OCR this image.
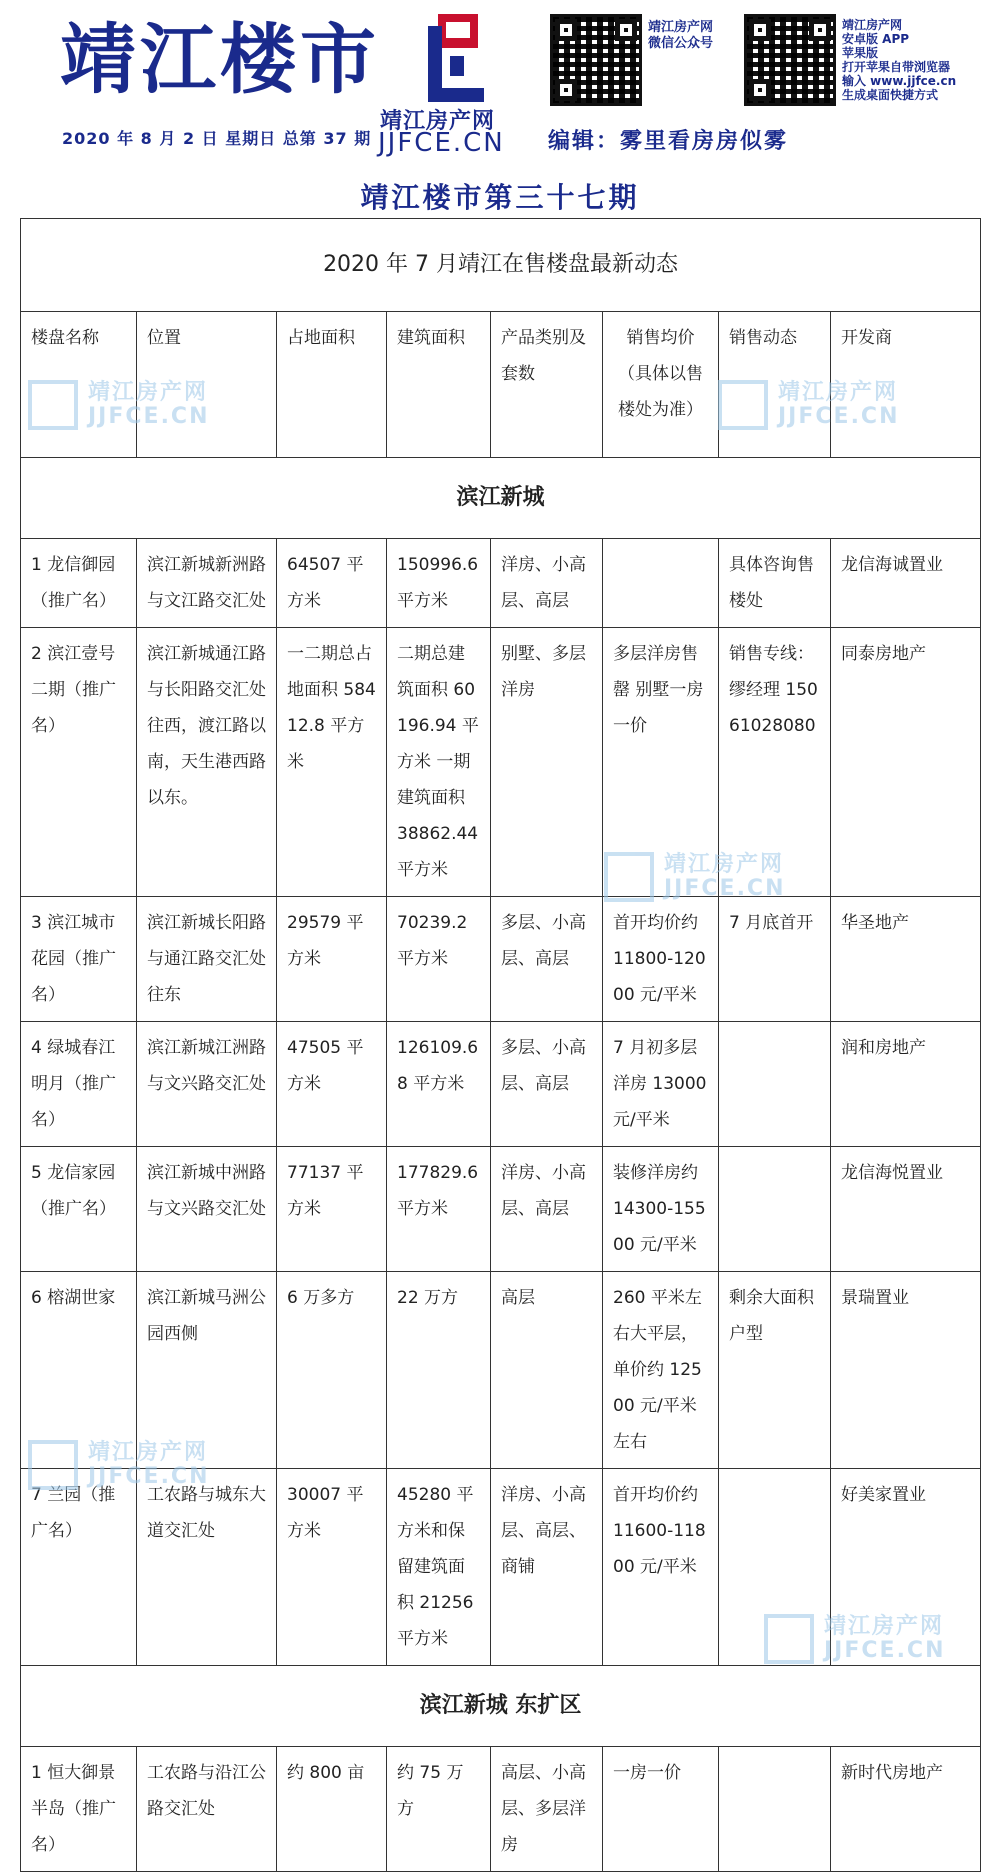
靖江楼市
2020 年 8 月 2 日 星期日 总第 37 期
靖江房产网
JJFCE.CN
靖江房产网
微信公众号
靖江房产网
安卓版 APP
苹果版
打开苹果自带浏览器
输入 www.jjfce.cn
生成桌面快捷方式
编辑：雾里看房房似雾
靖江楼市第三十七期
2020 年 7 月靖江在售楼盘最新动态							
楼盘名称	位置	占地面积	建筑面积	产品类别及套数	销售均价（具体以售楼处为准）	销售动态	开发商
滨江新城							
1 龙信御园（推广名）	滨江新城新洲路与文江路交汇处	64507 平方米	150996.6 平方米	洋房、小高层、高层		具体咨询售楼处	龙信海诚置业
2 滨江壹号二期（推广名）	滨江新城通江路与长阳路交汇处往西，渡江路以南，天生港西路以东。	一二期总占地面积 58412.8 平方米	二期总建筑面积 60196.94 平方米 一期建筑面积 38862.44 平方米	别墅、多层洋房	多层洋房售罄 别墅一房一价	销售专线：缪经理 15061028080	同泰房地产
3 滨江城市花园（推广名）	滨江新城长阳路与通江路交汇处往东	29579 平方米	70239.2 平方米	多层、小高层、高层	首开均价约 11800-12000 元/平米	7 月底首开	华圣地产
4 绿城春江明月（推广名）	滨江新城江洲路与文兴路交汇处	47505 平方米	126109.68 平方米	多层、小高层、高层	7 月初多层洋房 13000 元/平米		润和房地产
5 龙信家园（推广名）	滨江新城中洲路与文兴路交汇处	77137 平方米	177829.6 平方米	洋房、小高层、高层	装修洋房约 14300-15500 元/平米		龙信海悦置业
6 榕湖世家	滨江新城马洲公园西侧	6 万多方	22 万方	高层	260 平米左右大平层，单价约 12500 元/平米左右	剩余大面积户型	景瑞置业
7 兰园（推广名）	工农路与城东大道交汇处	30007 平方米	45280 平方米和保留建筑面积 21256 平方米	洋房、小高层、高层、商铺	首开均价约 11600-11800 元/平米		好美家置业
滨江新城 东扩区							
1 恒大御景半岛（推广名）	工农路与沿江公路交汇处	约 800 亩	约 75 万方	高层、小高层、多层洋房	一房一价		新时代房地产
靖江房产网
JJFCE.CN
靖江房产网
JJFCE.CN
靖江房产网
JJFCE.CN
靖江房产网
JJFCE.CN
靖江房产网
JJFCE.CN
